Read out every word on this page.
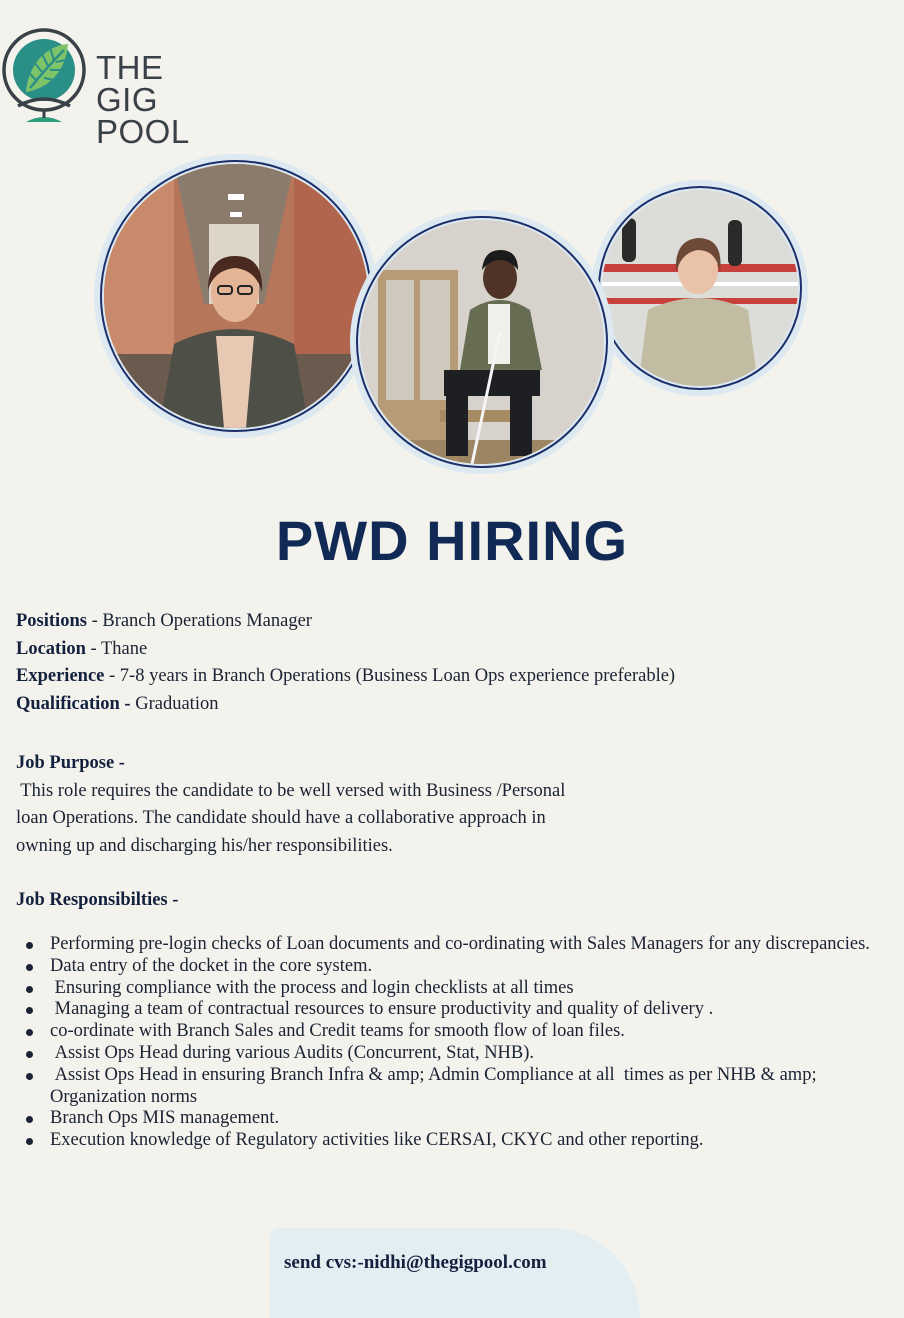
THE
GIG
POOL
PWD HIRING
Positions - Branch Operations Manager
Location - Thane
Experience - 7-8 years in Branch Operations (Business Loan Ops experience preferable)
Qualification - Graduation
Job Purpose -
This role requires the candidate to be well versed with Business /Personal
loan Operations. The candidate should have a collaborative approach in
owning up and discharging his/her responsibilities.
Job Responsibilties -
Performing pre-login checks of Loan documents and co-ordinating with Sales Managers for any discrepancies.
Data entry of the docket in the core system.
Ensuring compliance with the process and login checklists at all times
Managing a team of contractual resources to ensure productivity and quality of delivery .
co-ordinate with Branch Sales and Credit teams for smooth flow of loan files.
Assist Ops Head during various Audits (Concurrent, Stat, NHB).
Assist Ops Head in ensuring Branch Infra & amp; Admin Compliance at all  times as per NHB & amp; Organization norms
Branch Ops MIS management.
Execution knowledge of Regulatory activities like CERSAI, CKYC and other reporting.
send cvs:-nidhi@thegigpool.com
